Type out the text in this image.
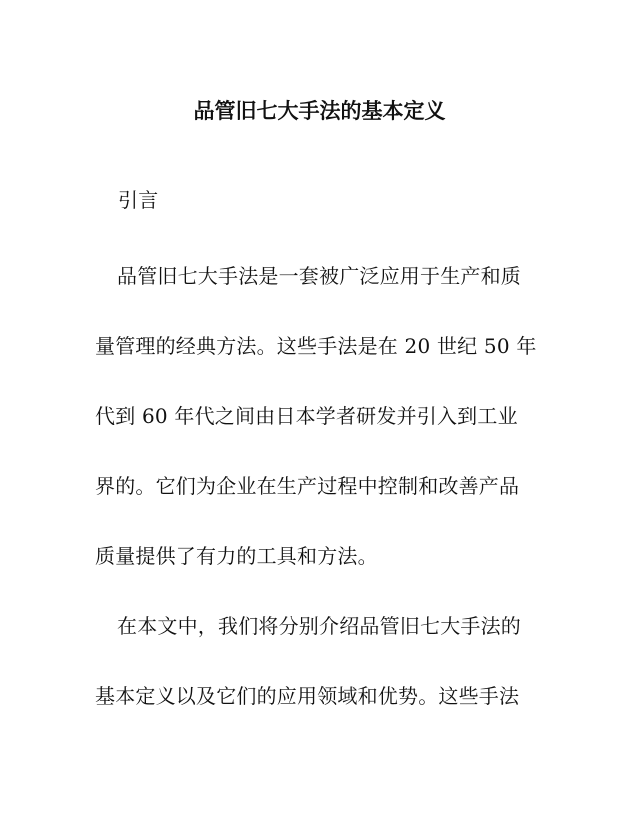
品管旧七大手法的基本定义
引言
品管旧七大手法是一套被广泛应用于生产和质
量管理的经典方法。这些手法是在 20 世纪 50 年
代到 60 年代之间由日本学者研发并引入到工业
界的。它们为企业在生产过程中控制和改善产品
质量提供了有力的工具和方法。
在本文中，我们将分别介绍品管旧七大手法的
基本定义以及它们的应用领域和优势。这些手法
